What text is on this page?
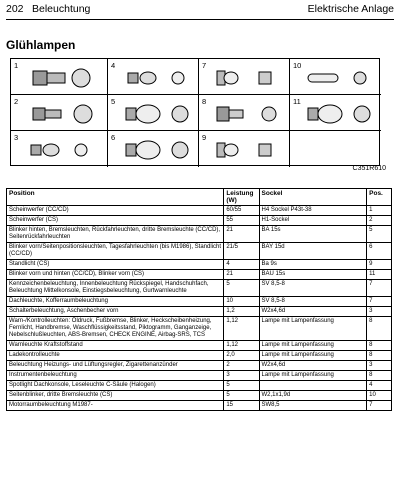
202 Beleuchtung	Elektrische Anlage
Glühlampen
1	4	7	10
2	5	8	11
3	6	9
C351R610
Position	Leistung (W)	Sockel	Pos.
Scheinwerfer (CC/CD)	60/55	H4 Sockel P43t-38	1
Scheinwerfer (CS)	55	H1-Sockel	2
Blinker hinten, Bremsleuchten, Rückfahrleuchten, dritte Bremsleuchte (CC/CD), Seitenrückfahrleuchten	21	BA 15s	5
Blinker vorn/Seitenpositionsleuchten, Tagesfahrleuchten (bis M1986), Standlicht (CC/CD)	21/5	BAY 15d	6
Standlicht (CS)	4	Ba 9s	9
Blinker vorn und hinten (CC/CD), Blinker vorn (CS)	21	BAU 15s	11
Kennzeichenbeleuchtung, Innenbeleuchtung Rückspiegel, Handschuhfach, Beleuchtung Mittelkonsole, Einstiegsbeleuchtung, Gurtwarnleuchte	5	SV 8,5-8	7
Dachleuchte, Kofferraumbeleuchtung	10	SV 8,5-8	7
Schalterbeleuchtung, Aschenbecher vorn	1,2	W2x4,6d	3
Warn-/Kontrolleuchten: Öldruck, Fußbremse, Blinker, Heckscheibenheizung, Fernlicht, Handbremse, Waschflüssigkeitsstand, Piktogramm, Ganganzeige, Nebelschlußleuchten, ABS-Bremsen, CHECK ENGINE, Airbag-SRS, TCS	1,12	Lampe mit Lampenfassung	8
Warnleuchte Kraftstoffstand	1,12	Lampe mit Lampenfassung	8
Ladekontrolleuchte	2,0	Lampe mit Lampenfassung	8
Beleuchtung Heizungs- und Lüftungsregler, Zigarettenanzünder	2	W2x4,6d	3
Instrumentenbeleuchtung	3	Lampe mit Lampenfassung	8
Spotlight Dachkonsole, Leseleuchte C-Säule (Halogen)	5		4
Seitenblinker, dritte Bremsleuchte (CS)	5	W2,1x1,9d	10
Motorraumbeleuchtung M1987-	15	SW8,5	7
